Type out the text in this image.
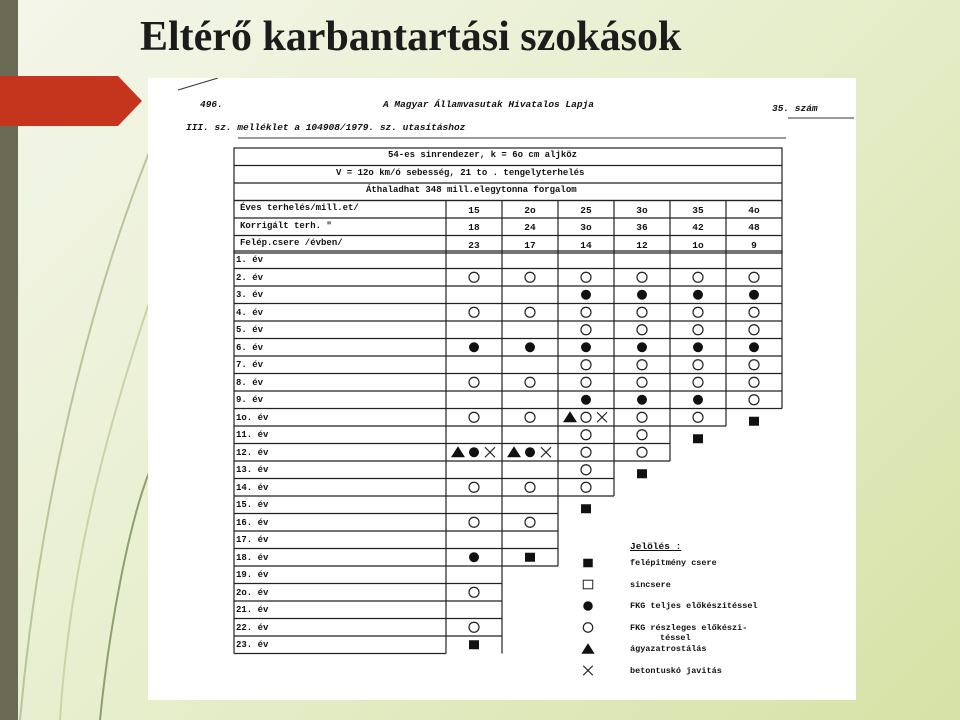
Eltérő karbantartási szokások
496.	A Magyar Államvasutak Hivatalos Lapja	35. szám
III. sz. melléklet a 104908/1979. sz. utasításhoz
54-es sinrendezer, k = 6o cm aljköz
V = 12o km/ó sebesség, 21 to . tengelyterhelés
Áthaladhat 348 mill.elegytonna forgalom
Éves terhelés/mill.et/
Korrigált terh. "
Felép.csere /évben/
15
18
23
2o
24
17
25
3o
14
3o
36
12
35
42
1o
4o
48
9
1. év
2. év
3. év
4. év
5. év
6. év
7. év
8. év
9. év
1o. év
11. év
12. év
13. év
14. év
15. év
16. év
17. év
18. év
19. év
2o. év
21. év
22. év
23. év
Jelölés :
felépitmény csere
sincsere
FKG teljes előkészitéssel
FKG részleges előkészi-
téssel
ágyazatrostálás
betontuskó javitás
